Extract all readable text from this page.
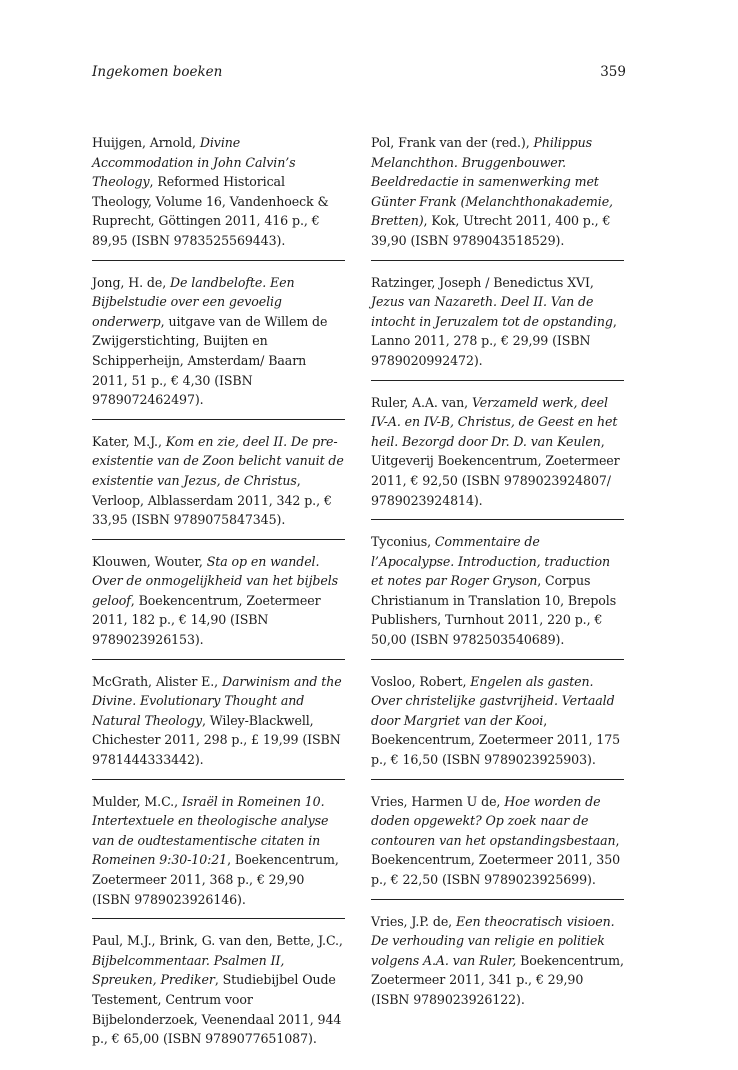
Ingekomen boeken	359
Huijgen, Arnold, Divine Accommodation in John Calvin’s Theology, Reformed Historical Theology, Volume 16, Vandenhoeck & Ruprecht, Göttingen 2011, 416 p., € 89,95 (ISBN 9783525569443).
Jong, H. de, De landbelofte. Een Bijbelstudie over een gevoelig onderwerp, uitgave van de Willem de Zwijgerstichting, Buijten en Schipperheijn, Amsterdam/ Baarn 2011, 51 p., € 4,30 (ISBN 9789072462497).
Kater, M.J., Kom en zie, deel II. De pre-existentie van de Zoon belicht vanuit de existentie van Jezus, de Christus, Verloop, Alblasserdam 2011, 342 p., € 33,95 (ISBN 9789075847345).
Klouwen, Wouter, Sta op en wandel. Over de onmogelijkheid van het bijbels geloof, Boekencentrum, Zoetermeer 2011, 182 p., € 14,90 (ISBN 9789023926153).
McGrath, Alister E., Darwinism and the Divine. Evolutionary Thought and Natural Theology, Wiley-Blackwell, Chichester 2011, 298 p., £ 19,99 (ISBN 9781444333442).
Mulder, M.C., Israël in Romeinen 10. Intertextuele en theologische analyse van de oudtestamentische citaten in Romeinen 9:30-10:21, Boekencentrum, Zoetermeer 2011, 368 p., € 29,90 (ISBN 9789023926146).
Paul, M.J., Brink, G. van den, Bette, J.C., Bijbelcommentaar. Psalmen II, Spreuken, Prediker, Studiebijbel Oude Testement, Centrum voor Bijbelonderzoek, Veenendaal 2011, 944 p., € 65,00 (ISBN 9789077651087).
Pol, Frank van der (red.), Philippus Melanchthon. Bruggenbouwer. Beeldredactie in samenwerking met Günter Frank (Melanchthonakademie, Bretten), Kok, Utrecht 2011, 400 p., € 39,90 (ISBN 9789043518529).
Ratzinger, Joseph / Benedictus XVI, Jezus van Nazareth. Deel II. Van de intocht in Jeruzalem tot de opstanding, Lanno 2011, 278 p., € 29,99 (ISBN 9789020992472).
Ruler, A.A. van, Verzameld werk, deel IV-A. en IV-B, Christus, de Geest en het heil. Bezorgd door Dr. D. van Keulen, Uitgeverij Boekencentrum, Zoetermeer 2011, € 92,50 (ISBN 9789023924807/ 9789023924814).
Tyconius, Commentaire de l’Apocalypse. Introduction, traduction et notes par Roger Gryson, Corpus Christianum in Translation 10, Brepols Publishers, Turnhout 2011, 220 p., € 50,00 (ISBN 9782503540689).
Vosloo, Robert, Engelen als gasten. Over christelijke gastvrijheid. Vertaald door Margriet van der Kooi, Boekencentrum, Zoetermeer 2011, 175 p., € 16,50 (ISBN 9789023925903).
Vries, Harmen U de, Hoe worden de doden opgewekt? Op zoek naar de contouren van het opstandingsbestaan, Boekencentrum, Zoetermeer 2011, 350 p., € 22,50 (ISBN 9789023925699).
Vries, J.P. de, Een theocratisch visioen. De verhouding van religie en politiek volgens A.A. van Ruler, Boekencentrum, Zoetermeer 2011, 341 p., € 29,90 (ISBN 9789023926122).
